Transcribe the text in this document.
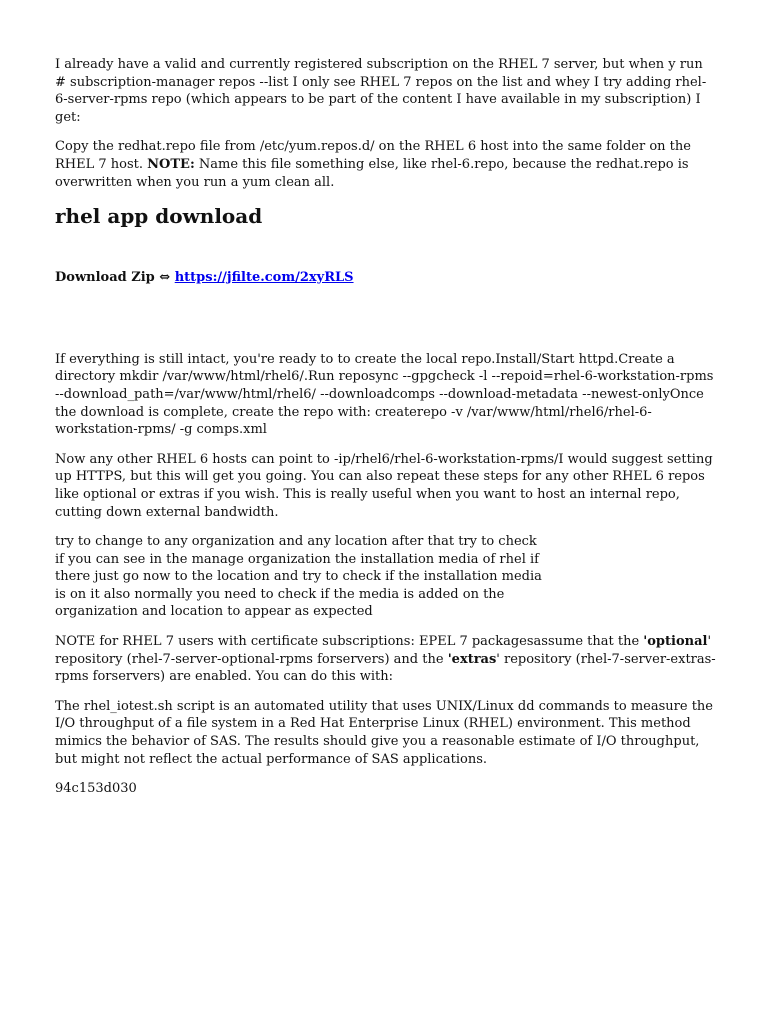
I already have a valid and currently registered subscription on the RHEL 7 server, but when y run # subscription-manager repos --list I only see RHEL 7 repos on the list and whey I try adding rhel-6-server-rpms repo (which appears to be part of the content I have available in my subscription) I get:

Copy the redhat.repo file from /etc/yum.repos.d/ on the RHEL 6 host into the same folder on the RHEL 7 host. NOTE: Name this file something else, like rhel-6.repo, because the redhat.repo is overwritten when you run a yum clean all.

rhel app download
Download Zip ⇔ https://jfilte.com/2xyRLS

If everything is still intact, you're ready to to create the local repo.Install/Start httpd.Create a directory mkdir /var/www/html/rhel6/.Run reposync --gpgcheck -l --repoid=rhel-6-workstation-rpms --download_path=/var/www/html/rhel6/ --downloadcomps --download-metadata --newest-onlyOnce the download is complete, create the repo with: createrepo -v /var/www/html/rhel6/rhel-6-workstation-rpms/ -g comps.xml

Now any other RHEL 6 hosts can point to -ip/rhel6/rhel-6-workstation-rpms/I would suggest setting up HTTPS, but this will get you going. You can also repeat these steps for any other RHEL 6 repos like optional or extras if you wish. This is really useful when you want to host an internal repo, cutting down external bandwidth.

try to change to any organization and any location after that try to check if you can see in the manage organization the installation media of rhel if there just go now to the location and try to check if the installation media is on it also normally you need to check if the media is added on the organization and location to appear as expected

NOTE for RHEL 7 users with certificate subscriptions: EPEL 7 packagesassume that the 'optional' repository (rhel-7-server-optional-rpms forservers) and the 'extras' repository (rhel-7-server-extras-rpms forservers) are enabled. You can do this with:

The rhel_iotest.sh script is an automated utility that uses UNIX/Linux dd commands to measure the I/O throughput of a file system in a Red Hat Enterprise Linux (RHEL) environment. This method mimics the behavior of SAS. The results should give you a reasonable estimate of I/O throughput, but might not reflect the actual performance of SAS applications.

94c153d030
